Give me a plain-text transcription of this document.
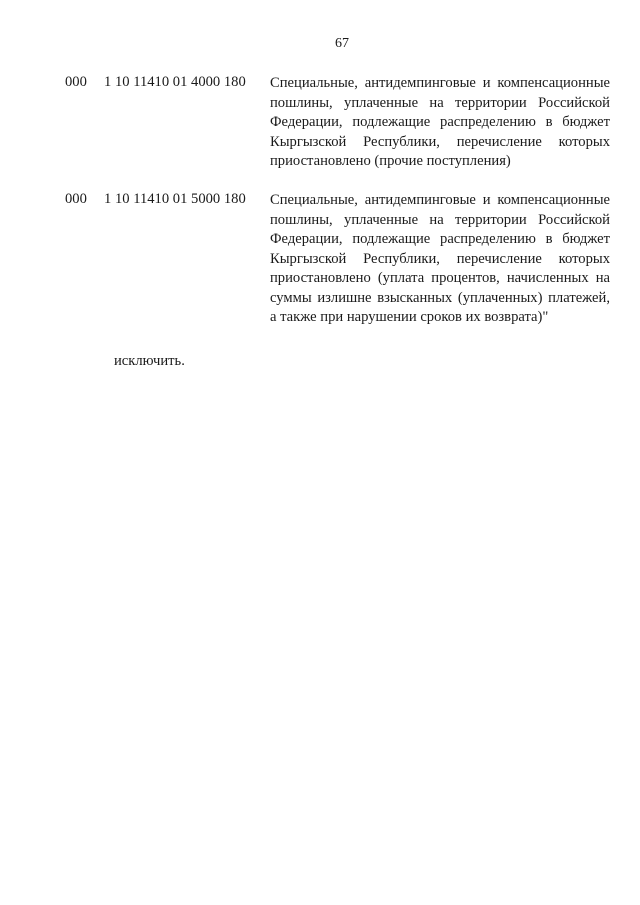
67
000 1 10 11410 01 4000 180 Специальные, антидемпинговые и компенсационные пошлины, уплаченные на территории Российской Федерации, подлежащие распределению в бюджет Кыргызской Республики, перечисление которых приостановлено (прочие поступления)
000 1 10 11410 01 5000 180 Специальные, антидемпинговые и компенсационные пошлины, уплаченные на территории Российской Федерации, подлежащие распределению в бюджет Кыргызской Республики, перечисление которых приостановлено (уплата процентов, начисленных на суммы излишне взысканных (уплаченных) платежей, а также при нарушении сроков их возврата)"
исключить.
